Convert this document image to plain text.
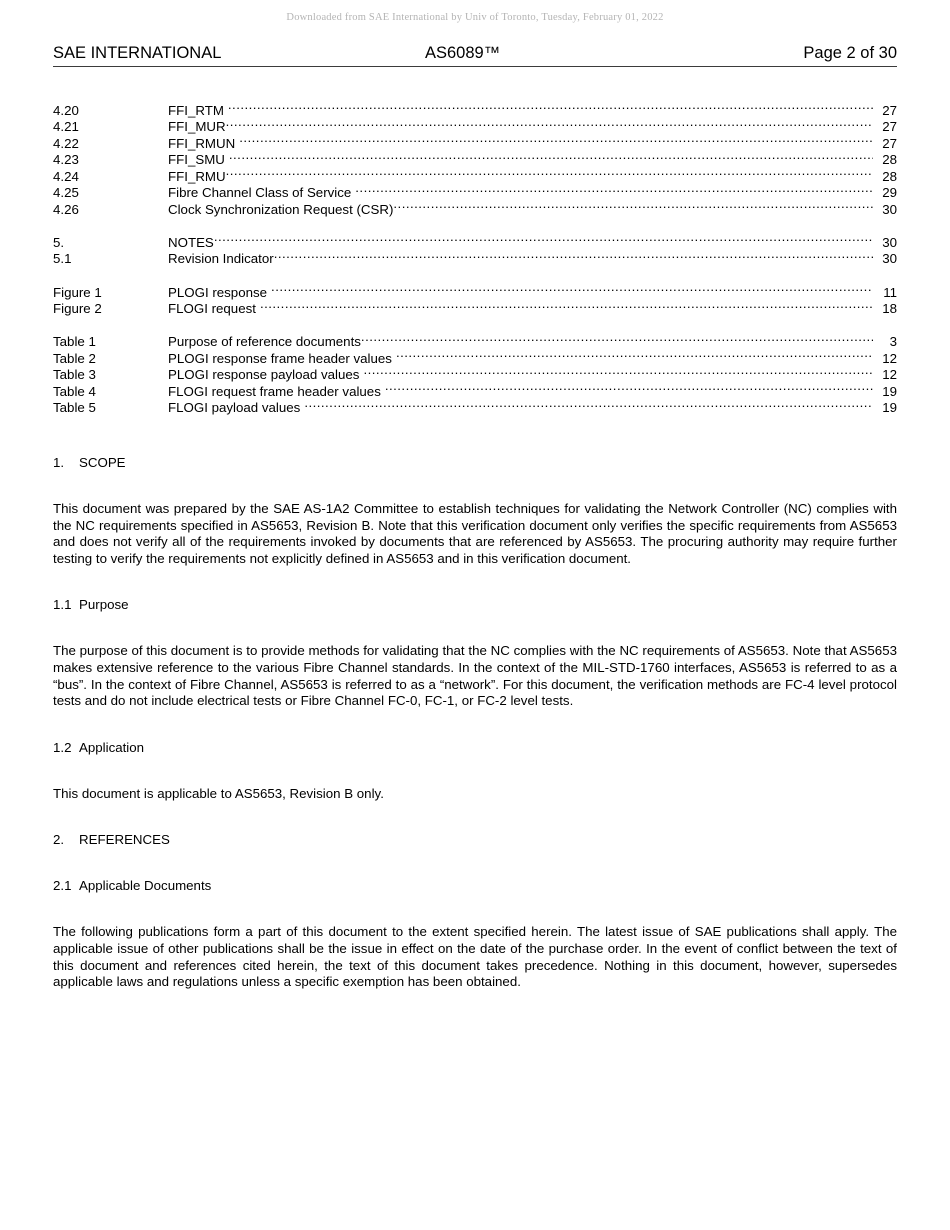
Downloaded from SAE International by Univ of Toronto, Tuesday, February 01, 2022
SAE INTERNATIONAL	AS6089™	Page 2 of 30
4.20	FFI_RTM .....	27
4.21	FFI_MUR .....	27
4.22	FFI_RMUN .....	27
4.23	FFI_SMU .....	28
4.24	FFI_RMU .....	28
4.25	Fibre Channel Class of Service .....	29
4.26	Clock Synchronization Request (CSR) .....	30
5.	NOTES .....	30
5.1	Revision Indicator .....	30
Figure 1	PLOGI response .....	11
Figure 2	FLOGI request .....	18
Table 1	Purpose of reference documents .....	3
Table 2	PLOGI response frame header values .....	12
Table 3	PLOGI response payload values .....	12
Table 4	FLOGI request frame header values .....	19
Table 5	FLOGI payload values .....	19
1. SCOPE

This document was prepared by the SAE AS-1A2 Committee to establish techniques for validating the Network Controller (NC) complies with the NC requirements specified in AS5653, Revision B. Note that this verification document only verifies the specific requirements from AS5653 and does not verify all of the requirements invoked by documents that are referenced by AS5653. The procuring authority may require further testing to verify the requirements not explicitly defined in AS5653 and in this verification document.

1.1 Purpose

The purpose of this document is to provide methods for validating that the NC complies with the NC requirements of AS5653. Note that AS5653 makes extensive reference to the various Fibre Channel standards. In the context of the MIL-STD-1760 interfaces, AS5653 is referred to as a “bus”. In the context of Fibre Channel, AS5653 is referred to as a “network”. For this document, the verification methods are FC-4 level protocol tests and do not include electrical tests or Fibre Channel FC-0, FC-1, or FC-2 level tests.

1.2 Application

This document is applicable to AS5653, Revision B only.

2. REFERENCES
2.1 Applicable Documents

The following publications form a part of this document to the extent specified herein. The latest issue of SAE publications shall apply. The applicable issue of other publications shall be the issue in effect on the date of the purchase order. In the event of conflict between the text of this document and references cited herein, the text of this document takes precedence. Nothing in this document, however, supersedes applicable laws and regulations unless a specific exemption has been obtained.
